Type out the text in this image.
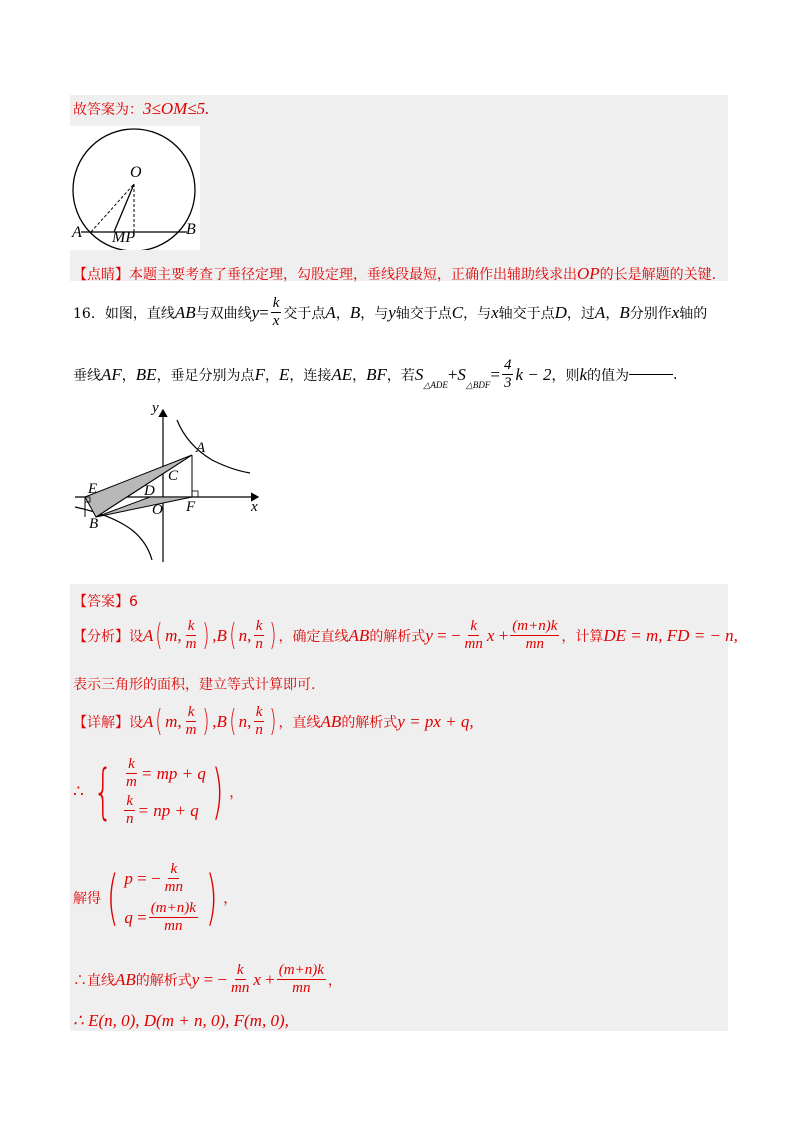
故答案为：3≤OM≤5.
O
A	B
MP
【点睛】本题主要考查了垂径定理，勾股定理，垂线段最短，正确作出辅助线求出OP的长是解题的关键.
16． 如图，直线 AB 与双曲线 $y = \frac{k}{x}$ 交于点 A ， B ，与 y 轴交于点 C ，与 x 轴交于点 D ，过 A ， B 分别作 x 轴的
垂线 AF ， BE ，垂足分别为点 F ， E ，连接 AE ， BF ，若 S
△ADE
+ S
△BDF
= $\frac{4}{3}$ k − 2 ，则 k 的值为	.
y
x
A
C
D
E
F
O
B
【答案】6
【分析】 设 A ( m , $\frac{k}{m}$ ) , B ( n , $\frac{k}{n}$ ) ， 确定直线 AB 的解析式 y = − $\frac{k}{mn}$ $x + \frac{(m+n)k}{mn}$ ， 计算 DE = m, FD = − n,
表示三角形的面积，建立等式计算即可.
【详解】 设 A ( m , $\frac{k}{m}$ ) , B ( n , $\frac{k}{n}$ ) ， 直线 AB 的解析式 y = px + q,
∴ { $\frac{k}{m}$ = mp + q
$\frac{k}{n}$ = np + q ) ，
解得 ( p = − $\frac{k}{mn}$
$q = \frac{(m+n)k}{mn}$ ) ，
∴直线 AB 的解析式 y = − $\frac{k}{mn}$ $x + \frac{(m+n)k}{mn}$ ，
∴ E(n, 0), D(m + n, 0), F(m, 0),
